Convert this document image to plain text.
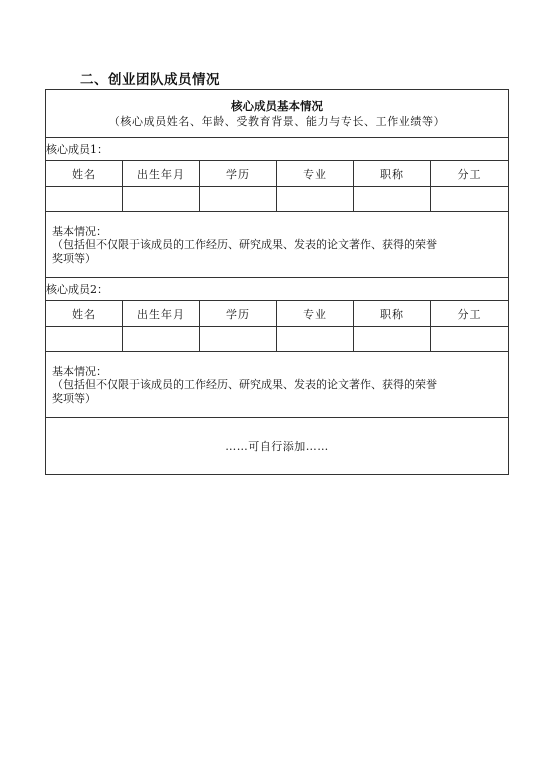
二、创业团队成员情况
核心成员基本情况
（核心成员姓名、年龄、受教育背景、能力与专长、工作业绩等）					

核心成员1：					
姓名	出生年月	学历	专业	职称	分工

基本情况：
（包括但不仅限于该成员的工作经历、研究成果、发表的论文著作、获得的荣誉
奖项等）					

核心成员2：					
姓名	出生年月	学历	专业	职称	分工

基本情况：
（包括但不仅限于该成员的工作经历、研究成果、发表的论文著作、获得的荣誉
奖项等）					

……可自行添加……					
